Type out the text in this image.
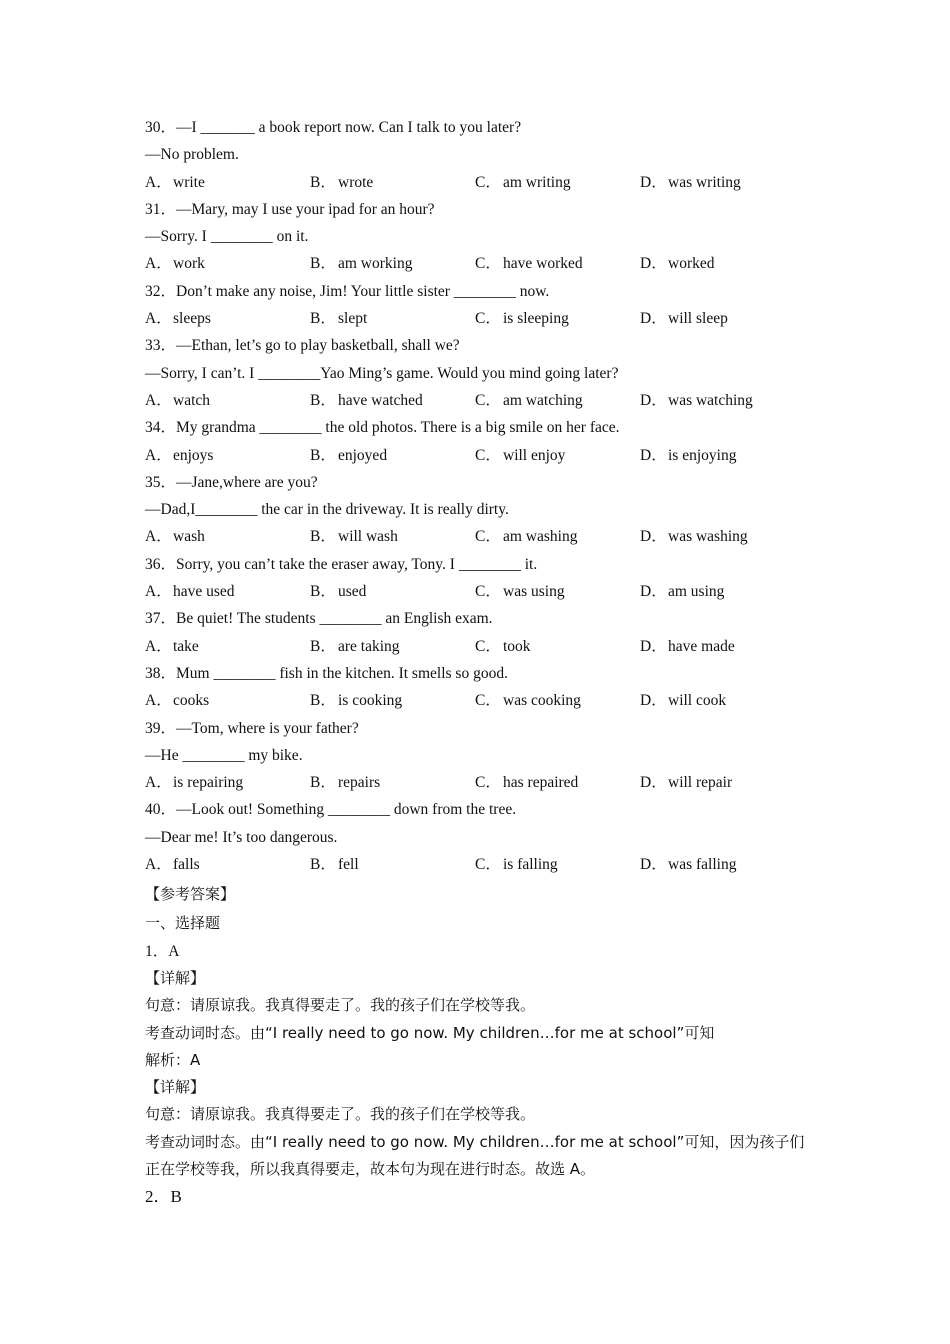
30．—I _______ a book report now. Can I talk to you later?
—No problem.
A．write	B． wrote	C． am writing	D．was writing
31．—Mary, may I use your ipad for an hour?
—Sorry. I ________ on it.
A．work	B． am working	C． have worked	D．worked
32．Don’t make any noise, Jim! Your little sister ________ now.
A．sleeps	B． slept	C． is sleeping	D．will sleep
33．—Ethan, let’s go to play basketball, shall we?
—Sorry, I can’t. I ________Yao Ming’s game. Would you mind going later?
A．watch	B． have watched	C． am watching	D．was watching
34．My grandma ________ the old photos. There is a big smile on her face.
A．enjoys	B． enjoyed	C． will enjoy	D．is enjoying
35．—Jane,where are you?
—Dad,I________ the car in the driveway. It is really dirty.
A．wash	B． will wash	C． am washing	D．was washing
36．Sorry, you can’t take the eraser away, Tony. I ________ it.
A．have used	B． used	C． was using	D．am using
37．Be quiet! The students ________ an English exam.
A．take	B． are taking	C． took	D．have made
38．Mum ________ fish in the kitchen. It smells so good.
A．cooks	B． is cooking	C． was cooking	D．will cook
39．—Tom, where is your father?
—He ________ my bike.
A．is repairing	B． repairs	C． has repaired	D．will repair
40．—Look out! Something ________ down from the tree.
—Dear me! It’s too dangerous.
A．falls	B． fell	C． is falling	D．was falling
【参考答案】
一、选择题
1．A
【详解】
句意：请原谅我。我真得要走了。我的孩子们在学校等我。
考查动词时态。由“I really need to go now. My children…for me at school”可知
解析：A
【详解】
句意：请原谅我。我真得要走了。我的孩子们在学校等我。
考查动词时态。由“I really need to go now. My children…for me at school”可知，因为孩子们
正在学校等我，所以我真得要走，故本句为现在进行时态。故选 A。
2．B
